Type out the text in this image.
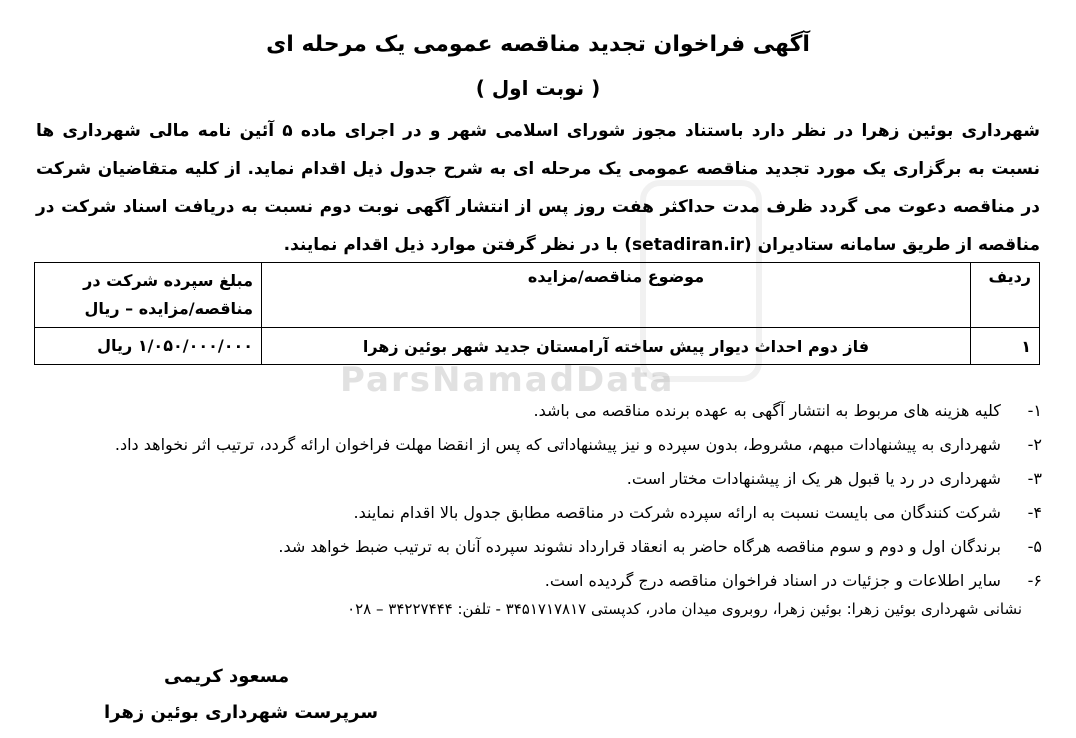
ParsNamadData
آگهی فراخوان تجدید مناقصه عمومی یک مرحله ای
( نوبت اول )
شهرداری بوئین زهرا در نظر دارد باستناد مجوز شورای اسلامی شهر و در اجرای ماده ۵ آئین نامه مالی شهرداری ها نسبت به برگزاری یک مورد تجدید مناقصه عمومی یک مرحله ای به شرح جدول ذیل اقدام نماید. از کلیه متقاضیان شرکت در مناقصه دعوت می گردد ظرف مدت حداکثر هفت روز پس از انتشار آگهی نوبت دوم نسبت به دریافت اسناد شرکت در مناقصه از طریق سامانه ستادیران (setadiran.ir) با در نظر گرفتن موارد ذیل اقدام نمایند.
ردیف	موضوع مناقصه/مزایده	مبلغ سپرده شرکت در
مناقصه/مزایده – ریال

۱	فاز دوم احداث دیوار پیش ساخته آرامستان جدید شهر بوئین زهرا	۱/۰۵۰/۰۰۰/۰۰۰ ریال
۱- کلیه هزینه های مربوط به انتشار آگهی به عهده برنده مناقصه می باشد.
۲- شهرداری به پیشنهادات مبهم، مشروط، بدون سپرده و نیز پیشنهاداتی که پس از انقضا مهلت فراخوان ارائه گردد، ترتیب اثر نخواهد داد.
۳- شهرداری در رد یا قبول هر یک از پیشنهادات مختار است.
۴- شرکت کنندگان می بایست نسبت به ارائه سپرده شرکت در مناقصه مطابق جدول بالا اقدام نمایند.
۵- برندگان اول و دوم و سوم مناقصه هرگاه حاضر به انعقاد قرارداد نشوند سپرده آنان به ترتیب ضبط خواهد شد.
۶- سایر اطلاعات و جزئیات در اسناد فراخوان مناقصه درج گردیده است.
نشانی شهرداری بوئین زهرا: بوئین زهرا، روبروی میدان مادر، کدپستی ۳۴۵۱۷۱۷۸۱۷ - تلفن: ۳۴۲۲۷۴۴۴ – ۰۲۸
مسعود کریمی
سرپرست شهرداری بوئین زهرا
